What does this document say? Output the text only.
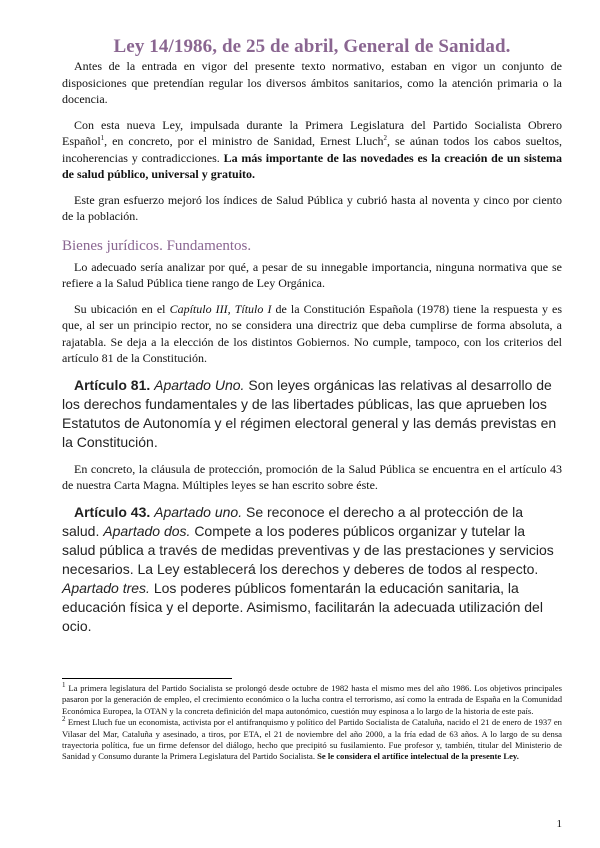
Ley 14/1986, de 25 de abril, General de Sanidad.

Antes de la entrada en vigor del presente texto normativo, estaban en vigor un conjunto de disposiciones que pretendían regular los diversos ámbitos sanitarios, como la atención primaria o la docencia.

Con esta nueva Ley, impulsada durante la Primera Legislatura del Partido Socialista Obrero Español$^1$, en concreto, por el ministro de Sanidad, Ernest Lluch$^2$, se aúnan todos los cabos sueltos, incoherencias y contradicciones. La más importante de las novedades es la creación de un sistema de salud público, universal y gratuito.

Este gran esfuerzo mejoró los índices de Salud Pública y cubrió hasta al noventa y cinco por ciento de la población.

Bienes jurídicos. Fundamentos.

Lo adecuado sería analizar por qué, a pesar de su innegable importancia, ninguna normativa que se refiere a la Salud Pública tiene rango de Ley Orgánica.

Su ubicación en el Capítulo III, Título I de la Constitución Española (1978) tiene la respuesta y es que, al ser un principio rector, no se considera una directriz que deba cumplirse de forma absoluta, a rajatabla. Se deja a la elección de los distintos Gobiernos. No cumple, tampoco, con los criterios del artículo 81 de la Constitución.

Artículo 81. Apartado Uno. Son leyes orgánicas las relativas al desarrollo de los derechos fundamentales y de las libertades públicas, las que aprueben los Estatutos de Autonomía y el régimen electoral general y las demás previstas en la Constitución.

En concreto, la cláusula de protección, promoción de la Salud Pública se encuentra en el artículo 43 de nuestra Carta Magna. Múltiples leyes se han escrito sobre éste.

Artículo 43. Apartado uno. Se reconoce el derecho a al protección de la salud. Apartado dos. Compete a los poderes públicos organizar y tutelar la salud pública a través de medidas preventivas y de las prestaciones y servicios necesarios. La Ley establecerá los derechos y deberes de todos al respecto. Apartado tres. Los poderes públicos fomentarán la educación sanitaria, la educación física y el deporte. Asimismo, facilitarán la adecuada utilización del ocio.

$^1$ La primera legislatura del Partido Socialista se prolongó desde octubre de 1982 hasta el mismo mes del año 1986. Los objetivos principales pasaron por la generación de empleo, el crecimiento económico o la lucha contra el terrorismo, así como la entrada de España en la Comunidad Económica Europea, la OTAN y la concreta definición del mapa autonómico, cuestión muy espinosa a lo largo de la historia de este país.

$^2$ Ernest Lluch fue un economista, activista por el antifranquismo y político del Partido Socialista de Cataluña, nacido el 21 de enero de 1937 en Vilasar del Mar, Cataluña y asesinado, a tiros, por ETA, el 21 de noviembre del año 2000, a la fría edad de 63 años. A lo largo de su densa trayectoria política, fue un firme defensor del diálogo, hecho que precipitó su fusilamiento. Fue profesor y, también, titular del Ministerio de Sanidad y Consumo durante la Primera Legislatura del Partido Socialista. Se le considera el artífice intelectual de la presente Ley.

1
